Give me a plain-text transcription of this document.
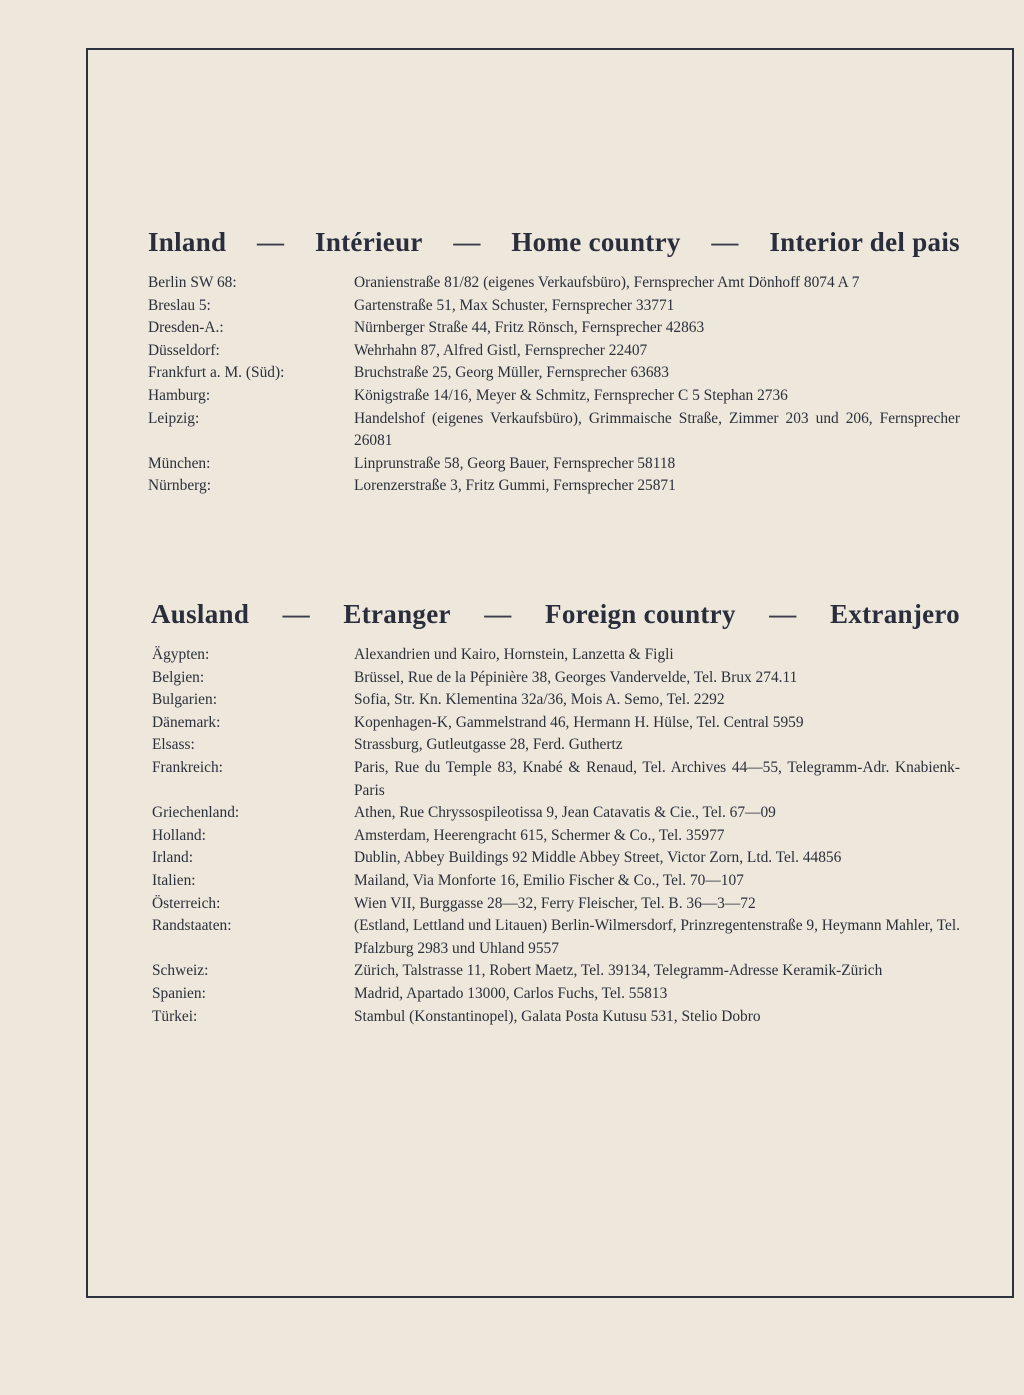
Inland — Intérieur — Home country — Interior del pais
Berlin SW 68:	Oranienstraße 81/82 (eigenes Verkaufsbüro), Fernsprecher Amt Dönhoff 8074 A 7
Breslau 5:	Gartenstraße 51, Max Schuster, Fernsprecher 33771
Dresden-A.:	Nürnberger Straße 44, Fritz Rönsch, Fernsprecher 42863
Düsseldorf:	Wehrhahn 87, Alfred Gistl, Fernsprecher 22407
Frankfurt a. M. (Süd):	Bruchstraße 25, Georg Müller, Fernsprecher 63683
Hamburg:	Königstraße 14/16, Meyer & Schmitz, Fernsprecher C 5 Stephan 2736
Leipzig:	Handelshof (eigenes Verkaufsbüro), Grimmaische Straße, Zimmer 203 und 206, Fernsprecher 26081
München:	Linprunstraße 58, Georg Bauer, Fernsprecher 58118
Nürnberg:	Lorenzerstraße 3, Fritz Gummi, Fernsprecher 25871
Ausland — Etranger — Foreign country — Extranjero
Ägypten:	Alexandrien und Kairo, Hornstein, Lanzetta & Figli
Belgien:	Brüssel, Rue de la Pépinière 38, Georges Vandervelde, Tel. Brux 274.11
Bulgarien:	Sofia, Str. Kn. Klementina 32a/36, Mois A. Semo, Tel. 2292
Dänemark:	Kopenhagen-K, Gammelstrand 46, Hermann H. Hülse, Tel. Central 5959
Elsass:	Strassburg, Gutleutgasse 28, Ferd. Guthertz
Frankreich:	Paris, Rue du Temple 83, Knabé & Renaud, Tel. Archives 44—55, Telegramm-Adr. Knabienk-Paris
Griechenland:	Athen, Rue Chryssospileotissa 9, Jean Catavatis & Cie., Tel. 67—09
Holland:	Amsterdam, Heerengracht 615, Schermer & Co., Tel. 35977
Irland:	Dublin, Abbey Buildings 92 Middle Abbey Street, Victor Zorn, Ltd. Tel. 44856
Italien:	Mailand, Via Monforte 16, Emilio Fischer & Co., Tel. 70—107
Österreich:	Wien VII, Burggasse 28—32, Ferry Fleischer, Tel. B. 36—3—72
Randstaaten:	(Estland, Lettland und Litauen) Berlin-Wilmersdorf, Prinzregentenstraße 9, Heymann Mahler, Tel. Pfalzburg 2983 und Uhland 9557
Schweiz:	Zürich, Talstrasse 11, Robert Maetz, Tel. 39134, Telegramm-Adresse Keramik-Zürich
Spanien:	Madrid, Apartado 13000, Carlos Fuchs, Tel. 55813
Türkei:	Stambul (Konstantinopel), Galata Posta Kutusu 531, Stelio Dobro
